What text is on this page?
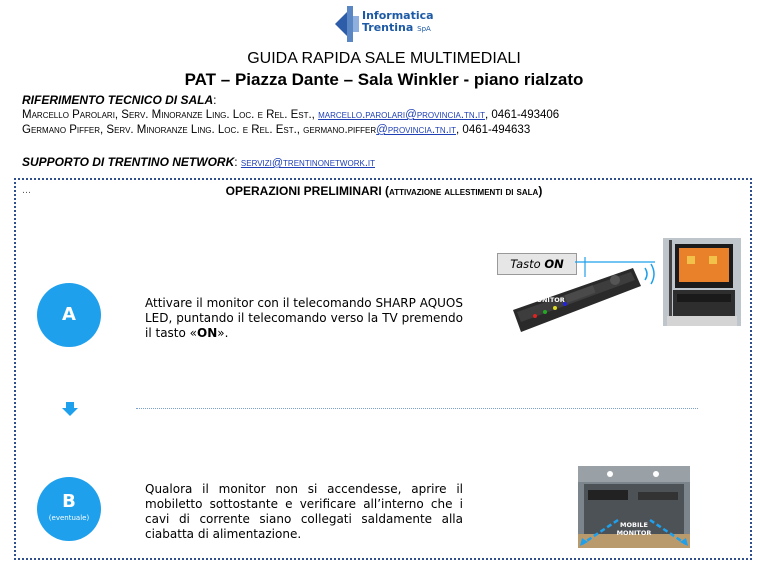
Informatica
Trentina SpA
GUIDA RAPIDA SALE MULTIMEDIALI
PAT – Piazza Dante – Sala Winkler - piano rialzato
RIFERIMENTO TECNICO DI SALA:
Marcello Parolari, Serv. Minoranze Ling. Loc. e Rel. Est., marcello.parolari@provincia.tn.it, 0461-493406
Germano Piffer, Serv. Minoranze Ling. Loc. e Rel. Est., germano.piffer@provincia.tn.it, 0461-494633
SUPPORTO DI TRENTINO NETWORK: servizi@trentinonetwork.it
…	OPERAZIONI PRELIMINARI (attivazione allestimenti di sala)
A
Attivare il monitor con il telecomando SHARP AQUOS LED, puntando il telecomando verso la TV premendo il tasto «ON».
Tasto ON
…LE
MONITOR
B
(eventuale)
Qualora il monitor non si accendesse, aprire il mobiletto sottostante e verificare all’interno che i cavi di corrente siano collegati saldamente alla ciabatta di alimentazione.
MOBILE
MONITOR
